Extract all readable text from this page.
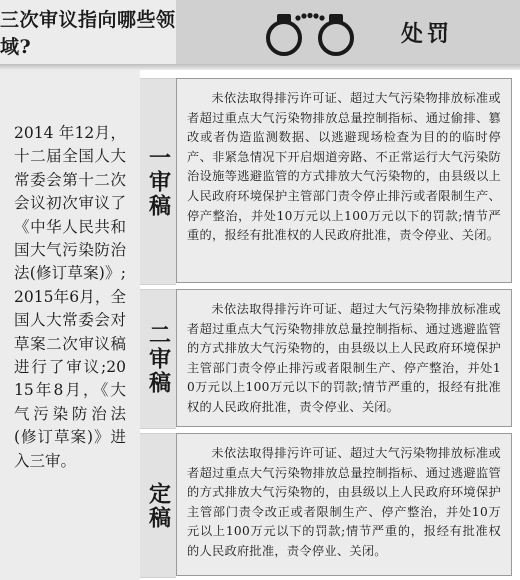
三次审议指向哪些领域?
处罚
2014 年12月，十二届全国人大常委会第十二次会议初次审议了《中华人民共和国大气污染防治法(修订草案)》;2015年6月，全国人大常委会对草案二次审议稿进行了审议;2015年8月，《大气污染防治法(修订草案)》进入三审。
一审稿

未依法取得排污许可证、超过大气污染物排放标准或者超过重点大气污染物排放总量控制指标、通过偷排、篡改或者伪造监测数据、以逃避现场检查为目的的临时停产、非紧急情况下开启烟道旁路、不正常运行大气污染防治设施等逃避监管的方式排放大气污染物的，由县级以上人民政府环境保护主管部门责令停止排污或者限制生产、停产整治，并处10万元以上100万元以下的罚款;情节严重的，报经有批准权的人民政府批准，责令停业、关闭。

二审稿

未依法取得排污许可证、超过大气污染物排放标准或者超过重点大气污染物排放总量控制指标、通过逃避监管的方式排放大气污染物的，由县级以上人民政府环境保护主管部门责令停止排污或者限制生产、停产整治，并处10万元以上100万元以下的罚款;情节严重的，报经有批准权的人民政府批准，责令停业、关闭。

定稿

未依法取得排污许可证、超过大气污染物排放标准或者超过重点大气污染物排放总量控制指标、通过逃避监管的方式排放大气污染物的，由县级以上人民政府环境保护主管部门责令改正或者限制生产、停产整治，并处10万元以上100万元以下的罚款;情节严重的，报经有批准权的人民政府批准，责令停业、关闭。
